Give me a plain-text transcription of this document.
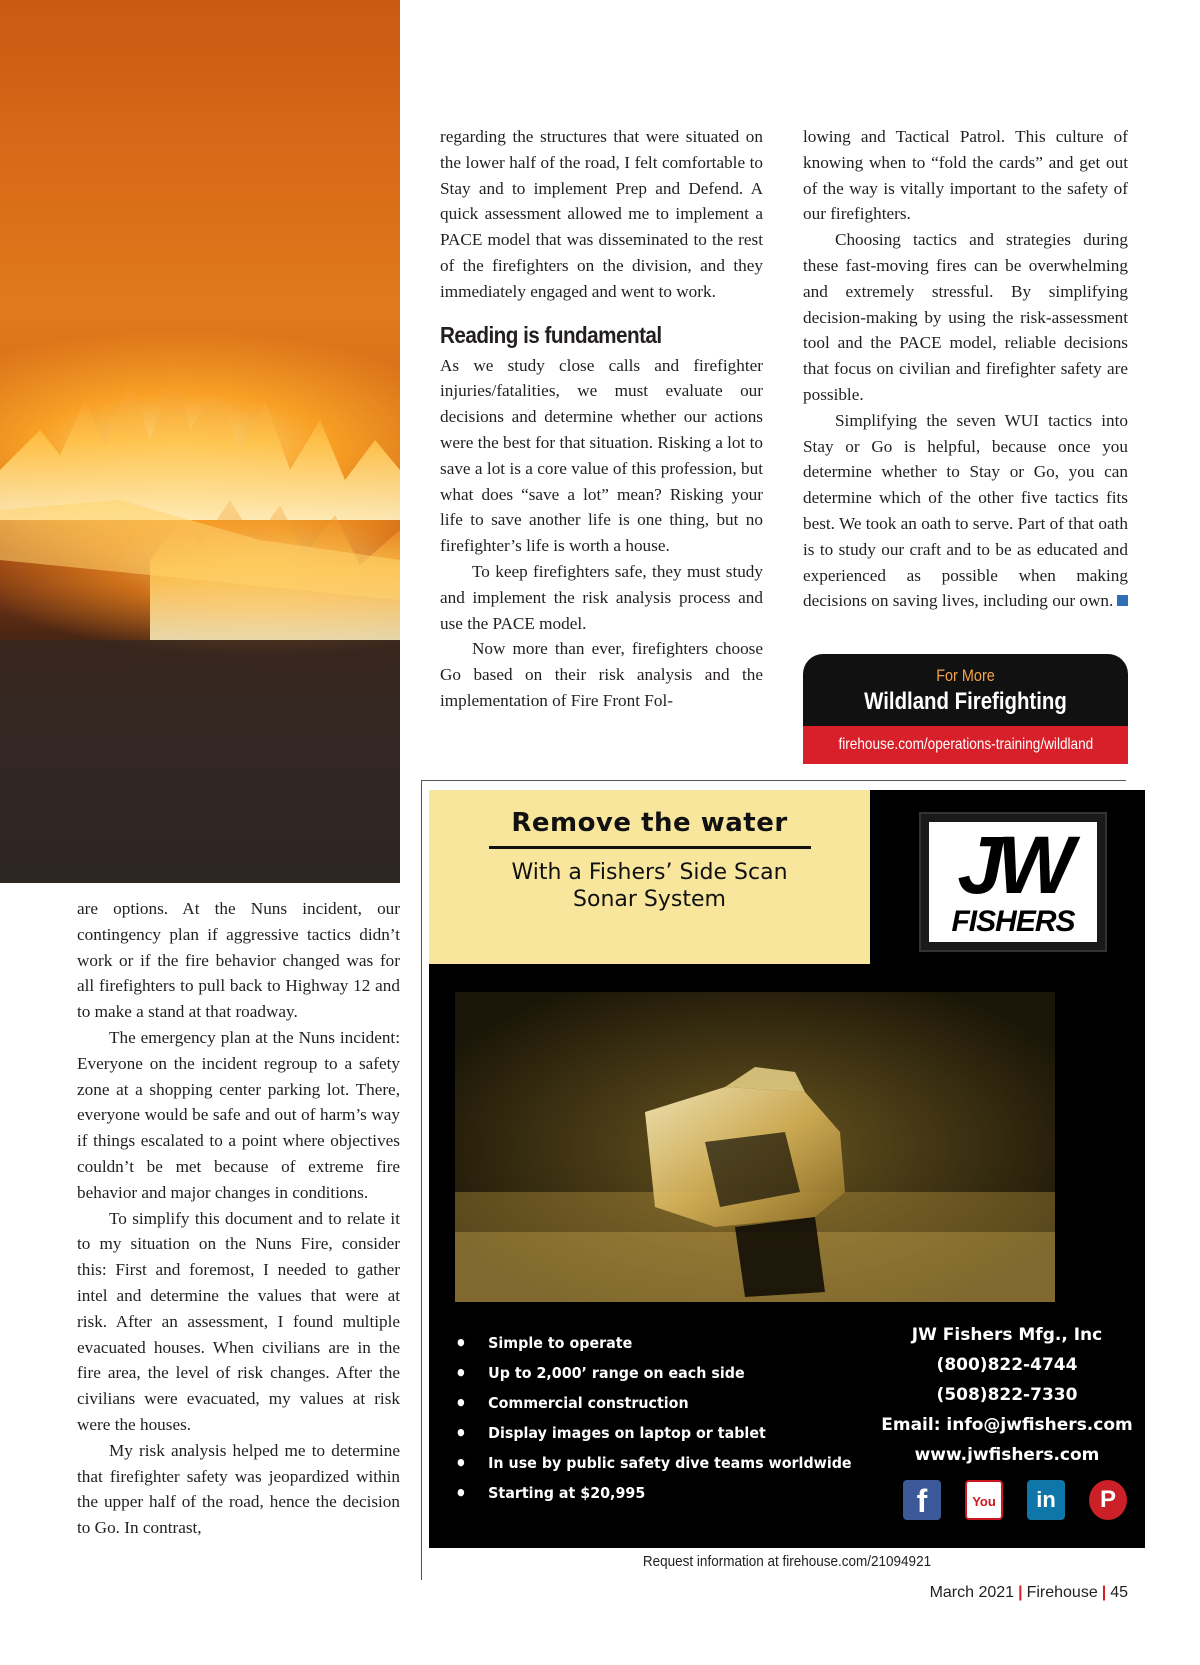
are options. At the Nuns incident, our contingency plan if aggressive tactics didn’t work or if the fire behavior changed was for all firefighters to pull back to Highway 12 and to make a stand at that roadway.

The emergency plan at the Nuns incident: Everyone on the incident regroup to a safety zone at a shopping center parking lot. There, everyone would be safe and out of harm’s way if things escalated to a point where objectives couldn’t be met because of extreme fire behavior and major changes in conditions.

To simplify this document and to relate it to my situation on the Nuns Fire, consider this: First and foremost, I needed to gather intel and determine the values that were at risk. After an assessment, I found multiple evacuated houses. When civilians are in the fire area, the level of risk changes. After the civilians were evacuated, my values at risk were the houses.

My risk analysis helped me to determine that firefighter safety was jeopardized within the upper half of the road, hence the decision to Go. In contrast,

regarding the structures that were situated on the lower half of the road, I felt comfortable to Stay and to implement Prep and Defend. A quick assessment allowed me to implement a PACE model that was disseminated to the rest of the firefighters on the division, and they immediately engaged and went to work.

Reading is fundamental

As we study close calls and firefighter injuries/fatalities, we must evaluate our decisions and determine whether our actions were the best for that situation. Risking a lot to save a lot is a core value of this profession, but what does “save a lot” mean? Risking your life to save another life is one thing, but no firefighter’s life is worth a house.

To keep firefighters safe, they must study and implement the risk analysis process and use the PACE model.

Now more than ever, firefighters choose Go based on their risk analysis and the implementation of Fire Front Fol-

lowing and Tactical Patrol. This culture of knowing when to “fold the cards” and get out of the way is vitally important to the safety of our firefighters.

Choosing tactics and strategies during these fast-moving fires can be overwhelming and extremely stressful. By simplifying decision-making by using the risk-assessment tool and the PACE model, reliable decisions that focus on civilian and firefighter safety are possible.

Simplifying the seven WUI tactics into Stay or Go is helpful, because once you determine whether to Stay or Go, you can determine which of the other five tactics fits best. We took an oath to serve. Part of that oath is to study our craft and to be as educated and experienced as possible when making decisions on saving lives, including our own.

For More
Wildland Firefighting
firehouse.com/operations-training/wildland
Remove the water
With a Fishers’ Side Scan
Sonar System	JW
FISHERS
• Simple to operate
• Up to 2,000’ range on each side
• Commercial construction
• Display images on laptop or tablet
• In use by public safety dive teams worldwide
• Starting at $20,995
JW Fishers Mfg., Inc
(800)822-4744
(508)822-7330
Email: info@jwfishers.com
www.jwfishers.com
f	You	in	P
Request information at firehouse.com/21094921
March 2021 | Firehouse | 45
